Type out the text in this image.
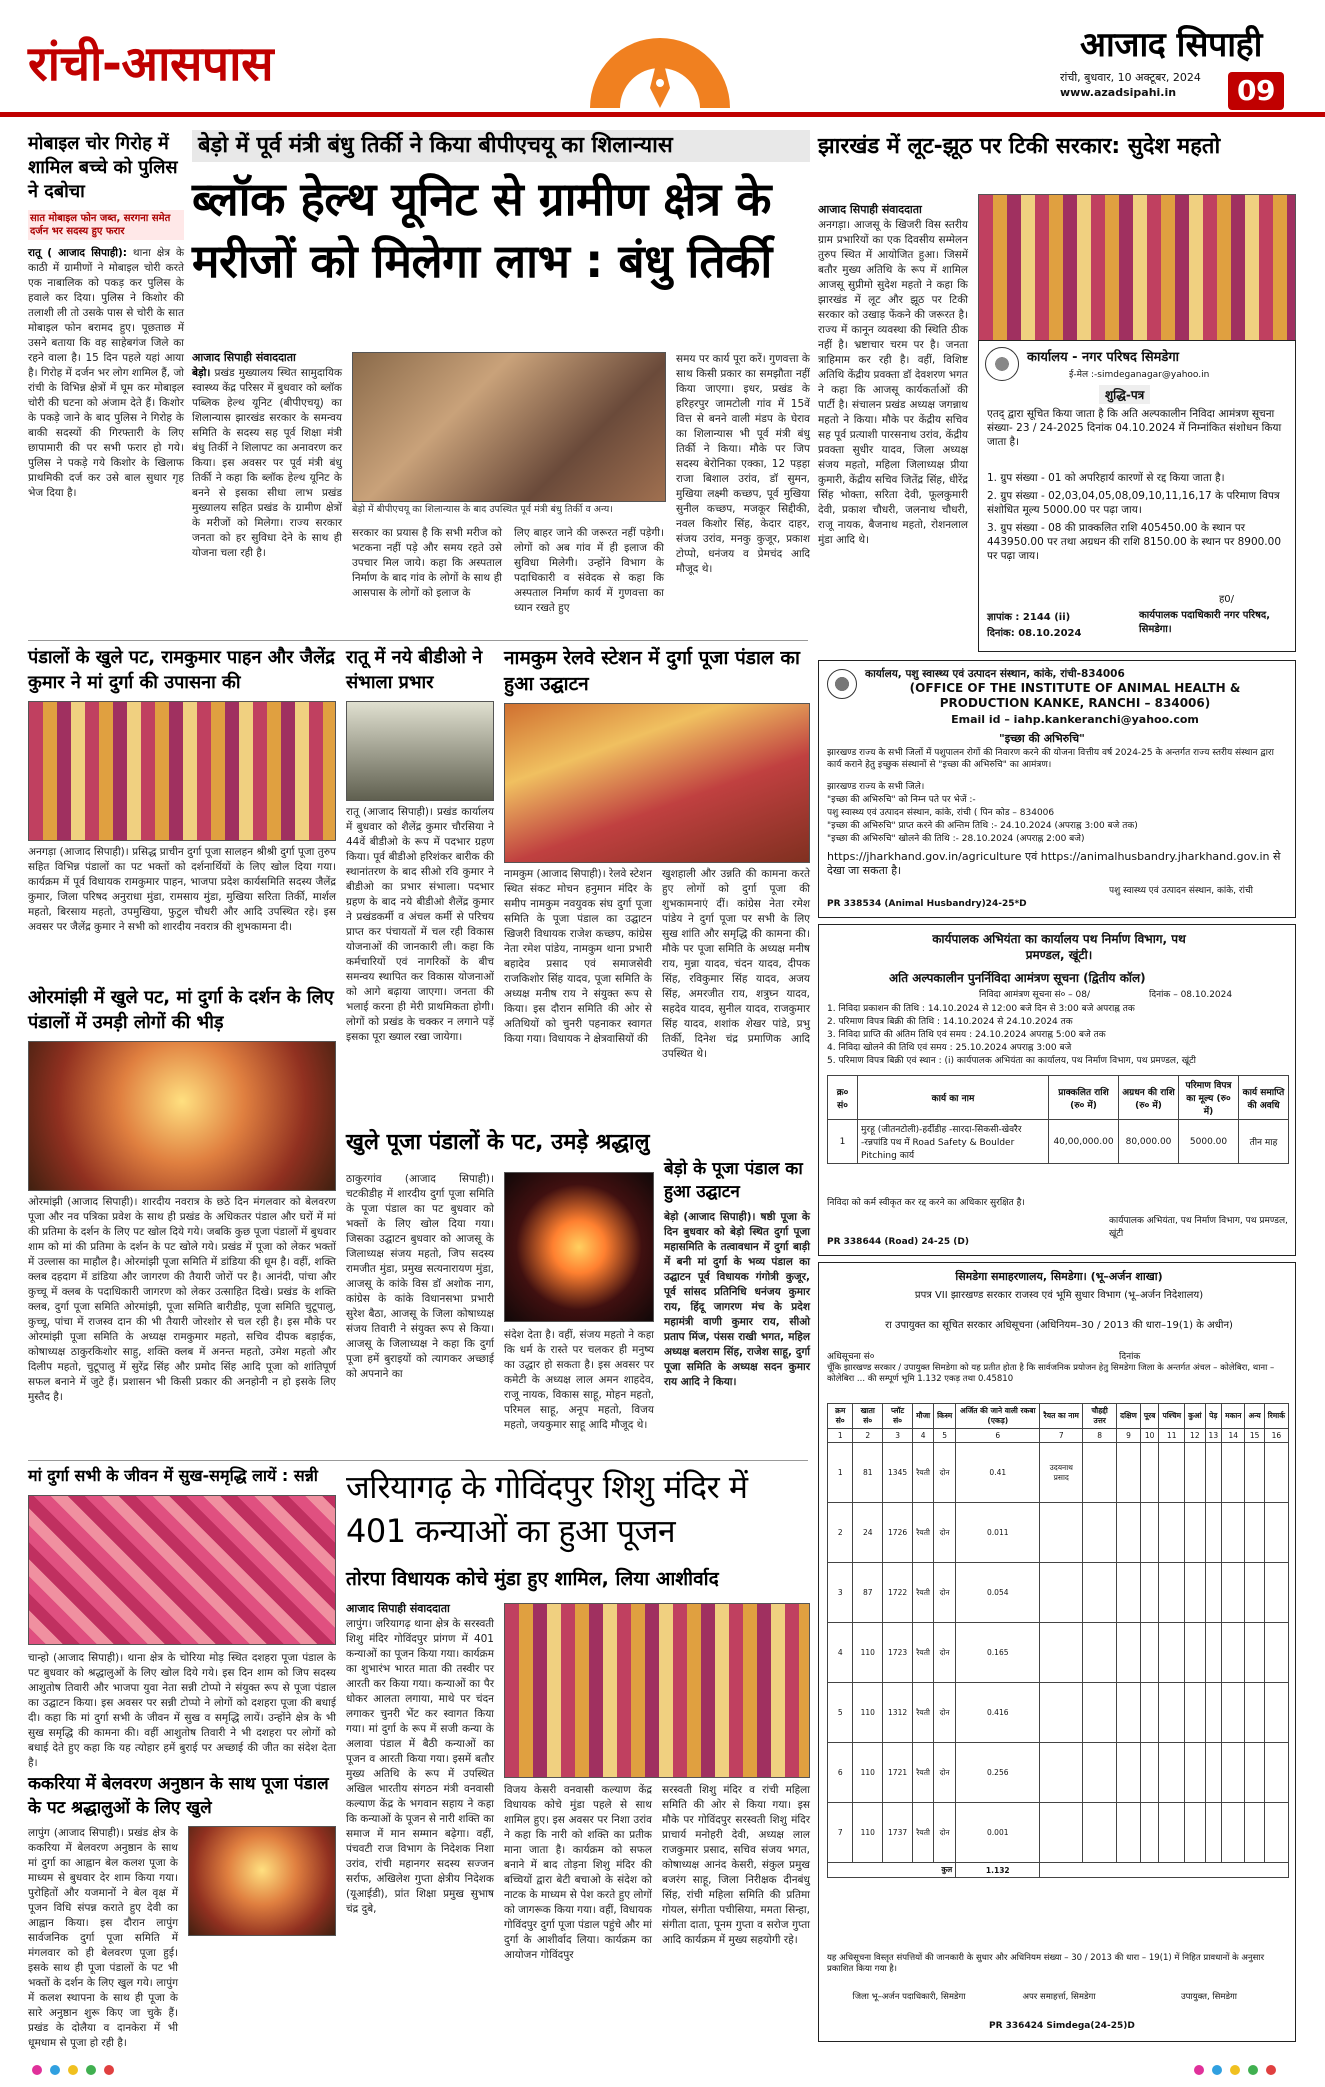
रांची-आसपास	आजाद सिपाही
रांची, बुधवार, 10 अक्टूबर, 2024
www.azadsipahi.in	09
मोबाइल चोर गिरोह में शामिल बच्चे को पुलिस ने दबोचा
सात मोबाइल फोन जब्त, सरगना समेत दर्जन भर सदस्य हुए फरार
रातू ( आजाद सिपाही): थाना क्षेत्र के काठी में ग्रामीणों ने मोबाइल चोरी करते एक नाबालिक को पकड़ कर पुलिस के हवाले कर दिया। पुलिस ने किशोर की तलाशी ली तो उसके पास से चोरी के सात मोबाइल फोन बरामद हुए। पूछताछ में उसने बताया कि वह साहेबगंज जिले का रहने वाला है। 15 दिन पहले यहां आया है। गिरोह में दर्जन भर लोग शामिल हैं, जो रांची के विभिन्न क्षेत्रों में घूम कर मोबाइल चोरी की घटना को अंजाम देते हैं। किशोर के पकड़े जाने के बाद पुलिस ने गिरोह के बाकी सदस्यों की गिरफ्तारी के लिए छापामारी की पर सभी फरार हो गये। पुलिस ने पकड़े गये किशोर के खिलाफ प्राथमिकी दर्ज कर उसे बाल सुधार गृह भेज दिया है।
बेड़ो में पूर्व मंत्री बंधु तिर्की ने किया बीपीएचयू का शिलान्यास
ब्लॉक हेल्थ यूनिट से ग्रामीण क्षेत्र के मरीजों को मिलेगा लाभ : बंधु तिर्की
आजाद सिपाही संवाददाता
बेड़ो। प्रखंड मुख्यालय स्थित सामुदायिक स्वास्थ्य केंद्र परिसर में बुधवार को ब्लॉक पब्लिक हेल्थ यूनिट (बीपीएचयू) का शिलान्यास झारखंड सरकार के समन्वय समिति के सदस्य सह पूर्व शिक्षा मंत्री बंधु तिर्की ने शिलापट का अनावरण कर किया। इस अवसर पर पूर्व मंत्री बंधु तिर्की ने कहा कि ब्लॉक हेल्थ यूनिट के बनने से इसका सीधा लाभ प्रखंड मुख्यालय सहित प्रखंड के ग्रामीण क्षेत्रों के मरीजों को मिलेगा। राज्य सरकार जनता को हर सुविधा देने के साथ ही योजना चला रही है।
बेड़ो में बीपीएचयू का शिलान्यास के बाद उपस्थित पूर्व मंत्री बंधु तिर्की व अन्य।
सरकार का प्रयास है कि सभी मरीज को भटकना नहीं पड़े और समय रहते उसे उपचार मिल जाये। कहा कि अस्पताल निर्माण के बाद गांव के लोगों के साथ ही आसपास के लोगों को इलाज के
लिए बाहर जाने की जरूरत नहीं पड़ेगी। लोगों को अब गांव में ही इलाज की सुविधा मिलेगी। उन्होंने विभाग के पदाधिकारी व संवेदक से कहा कि अस्पताल निर्माण कार्य में गुणवत्ता का ध्यान रखते हुए
समय पर कार्य पूरा करें। गुणवत्ता के साथ किसी प्रकार का समझौता नहीं किया जाएगा। इधर, प्रखंड के हरिहरपुर जामटोली गांव में 15वें वित्त से बनने वाली मंडप के घेराव का शिलान्यास भी पूर्व मंत्री बंधु तिर्की ने किया। मौके पर जिप सदस्य बेरोनिका एक्का, 12 पड़हा राजा बिशाल उरांव, डॉ सुमन, मुखिया लक्ष्मी कच्छप, पूर्व मुखिया सुनील कच्छप, मजकूर सिद्दीकी, नवल किशोर सिंह, केदार दाहर, संजय उरांव, मनकु कुजूर, प्रकाश टोप्पो, धनंजय व प्रेमचंद आदि मौजूद थे।
झारखंड में लूट-झूठ पर टिकी सरकार: सुदेश महतो
आजाद सिपाही संवाददाता
अनगड़ा। आजसू के खिजरी विस स्तरीय ग्राम प्रभारियों का एक दिवसीय सम्मेलन तुरुप स्थित में आयोजित हुआ। जिसमें बतौर मुख्य अतिथि के रूप में शामिल आजसू सुप्रीमो सुदेश महतो ने कहा कि झारखंड में लूट और झूठ पर टिकी सरकार को उखाड़ फेंकने की जरूरत है। राज्य में कानून व्यवस्था की स्थिति ठीक नहीं है। भ्रष्टाचार चरम पर है। जनता त्राहिमाम कर रही है। वहीं, विशिष्ट अतिथि केंद्रीय प्रवक्ता डॉ देवशरण भगत ने कहा कि आजसू कार्यकर्ताओं की पार्टी है। संचालन प्रखंड अध्यक्ष जगन्नाथ महतो ने किया। मौके पर केंद्रीय सचिव सह पूर्व प्रत्याशी पारसनाथ उरांव, केंद्रीय प्रवक्ता सुधीर यादव, जिला अध्यक्ष संजय महतो, महिला जिलाध्यक्ष प्रीया कुमारी, केंद्रीय सचिव जितेंद्र सिंह, धीरेंद्र सिंह भोक्ता, सरिता देवी, फूलकुमारी देवी, प्रकाश चौधरी, जलनाथ चौधरी, राजू नायक, बैजनाथ महतो, रोशनलाल मुंडा आदि थे।
कार्यालय - नगर परिषद सिमडेगा
ई-मेल :-simdeganagar@yahoo.in
शुद्धि-पत्र
एतद् द्वारा सूचित किया जाता है कि अति अल्पकालीन निविदा आमंत्रण सूचना संख्या- 23 / 24-2025 दिनांक 04.10.2024 में निम्नांकित संशोधन किया जाता है।
1. ग्रुप संख्या - 01 को अपरिहार्य कारणों से रद्द किया जाता है।
2. ग्रुप संख्या - 02,03,04,05,08,09,10,11,16,17 के परिमाण विपत्र संशोधित मूल्य 5000.00 पर पढ़ा जाय।
3. ग्रुप संख्या - 08 की प्राक्कलित राशि 405450.00 के स्थान पर 443950.00 पर तथा अग्रधन की राशि 8150.00 के स्थान पर 8900.00 पर पढ़ा जाय।
ह0/
ज्ञापांक : 2144 (ii)
दिनांक: 08.10.2024
कार्यपालक पदाधिकारी नगर परिषद, सिमडेगा।
पंडालों के खुले पट, रामकुमार पाहन और जैलेंद्र कुमार ने मां दुर्गा की उपासना की
अनगड़ा (आजाद सिपाही)। प्रसिद्ध प्राचीन दुर्गा पूजा सालहन श्रीश्री दुर्गा पूजा तुरुप सहित विभिन्न पंडालों का पट भक्तों को दर्शनार्थियों के लिए खोल दिया गया। कार्यक्रम में पूर्व विधायक रामकुमार पाहन, भाजपा प्रदेश कार्यसमिति सदस्य जैलेंद्र कुमार, जिला परिषद अनुराधा मुंडा, रामसाय मुंडा, मुखिया सरिता तिर्की, मार्शल महतो, बिरसाय महतो, उपमुखिया, फुटुल चौधरी और आदि उपस्थित रहे। इस अवसर पर जैलेंद्र कुमार ने सभी को शारदीय नवरात्र की शुभकामना दी।
ओरमांझी में खुले पट, मां दुर्गा के दर्शन के लिए पंडालों में उमड़ी लोगों की भीड़
ओरमांझी (आजाद सिपाही)। शारदीय नवरात्र के छठे दिन मंगलवार को बेलवरण पूजा और नव पत्रिका प्रवेश के साथ ही प्रखंड के अधिकतर पंडाल और घरों में मां की प्रतिमा के दर्शन के लिए पट खोल दिये गये। जबकि कुछ पूजा पंडालों में बुधवार शाम को मां की प्रतिमा के दर्शन के पट खोले गये। प्रखंड में पूजा को लेकर भक्तों में उल्लास का माहौल है। ओरमांझी पूजा समिति में डांडिया की धूम है। वहीं, शक्ति क्लब दहदाग में डांडिया और जागरण की तैयारी जोरों पर है। आनंदी, पांचा और कुच्चू में क्लब के पदाधिकारी जागरण को लेकर उत्साहित दिखे। प्रखंड के शक्ति क्लब, दुर्गा पूजा समिति ओरमांझी, पूजा समिति बारीडीह, पूजा समिति चुटूपालु, कुच्चू, पांचा में राजस्व दान की भी तैयारी जोरशोर से चल रही है। इस मौके पर ओरमांझी पूजा समिति के अध्यक्ष रामकुमार महतो, सचिव दीपक बड़ाईक, कोषाध्यक्ष ठाकुरकिशोर साहु, शक्ति क्लब में अनन्त महतो, उमेश महतो और दिलीप महतो, चुटूपालु में सुरेंद्र सिंह और प्रमोद सिंह आदि पूजा को शांतिपूर्ण सफल बनाने में जुटे हैं। प्रशासन भी किसी प्रकार की अनहोनी न हो इसके लिए मुस्तैद है।
रातू में नये बीडीओ ने संभाला प्रभार
रातू (आजाद सिपाही)। प्रखंड कार्यालय में बुधवार को शैलेंद्र कुमार चौरसिया ने 44वें बीडीओ के रूप में पदभार ग्रहण किया। पूर्व बीडीओ हरिशंकर बारीक की स्थानांतरण के बाद सीओ रवि कुमार ने बीडीओ का प्रभार संभाला। पदभार ग्रहण के बाद नये बीडीओ शैलेंद्र कुमार ने प्रखंडकर्मी व अंचल कर्मी से परिचय प्राप्त कर पंचायतों में चल रही विकास योजनाओं की जानकारी ली। कहा कि कर्मचारियों एवं नागरिकों के बीच समन्वय स्थापित कर विकास योजनाओं को आगे बढ़ाया जाएगा। जनता की भलाई करना ही मेरी प्राथमिकता होगी। लोगों को प्रखंड के चक्कर न लगाने पड़ें इसका पूरा ख्याल रखा जायेगा।
नामकुम रेलवे स्टेशन में दुर्गा पूजा पंडाल का हुआ उद्घाटन
नामकुम (आजाद सिपाही)। रेलवे स्टेशन स्थित संकट मोचन हनुमान मंदिर के समीप नामकुम नवयुवक संघ दुर्गा पूजा समिति के पूजा पंडाल का उद्घाटन खिजरी विधायक राजेश कच्छप, कांग्रेस नेता रमेश पांडेय, नामकुम थाना प्रभारी बहादेव प्रसाद एवं समाजसेवी राजकिशोर सिंह यादव, पूजा समिति के अध्यक्ष मनीष राय ने संयुक्त रूप से किया। इस दौरान समिति की ओर से अतिथियों को चुनरी पहनाकर स्वागत किया गया। विधायक ने क्षेत्रवासियों की
खुशहाली और उन्नति की कामना करते हुए लोगों को दुर्गा पूजा की शुभकामनाएं दीं। कांग्रेस नेता रमेश पांडेय ने दुर्गा पूजा पर सभी के लिए सुख शांति और समृद्धि की कामना की। मौके पर पूजा समिति के अध्यक्ष मनीष राय, मुन्ना यादव, चंदन यादव, दीपक सिंह, रविकुमार सिंह यादव, अजय सिंह, अमरजीत राय, शत्रुघ्न यादव, सहदेव यादव, सुनील यादव, राजकुमार सिंह यादव, शशांक शेखर पांडे, प्रभु तिर्की, दिनेश चंद्र प्रमाणिक आदि उपस्थित थे।
कार्यालय, पशु स्वास्थ्य एवं उत्पादन संस्थान, कांके, रांची-834006
(OFFICE OF THE INSTITUTE OF ANIMAL HEALTH & PRODUCTION KANKE, RANCHI – 834006)
Email id – iahp.kankeranchi@yahoo.com
"इच्छा की अभिरुचि"
झारखण्ड राज्य के सभी जिलों में पशुपालन रोगों की निवारण करने की योजना वित्तीय वर्ष 2024-25 के अन्तर्गत राज्य स्तरीय संस्थान द्वारा कार्य कराने हेतु इच्छुक संस्थानों से "इच्छा की अभिरुचि" का आमंत्रण।
झारखण्ड राज्य के सभी जिले।
"इच्छा की अभिरुचि" को निम्न पते पर भेजें :-
पशु स्वास्थ्य एवं उत्पादन संस्थान, कांके, रांची ( पिन कोड – 834006
"इच्छा की अभिरुचि" प्राप्त करने की अन्तिम तिथि :- 24.10.2024 (अपराह्न 3:00 बजे तक)
"इच्छा की अभिरुचि" खोलने की तिथि :- 28.10.2024 (अपराह्न 2:00 बजे)
https://jharkhand.gov.in/agriculture एवं https://animalhusbandry.jharkhand.gov.in से देखा जा सकता है।
पशु स्वास्थ्य एवं उत्पादन संस्थान, कांके, रांची
PR 338534 (Animal Husbandry)24-25*D
कार्यपालक अभियंता का कार्यालय पथ निर्माण विभाग, पथ प्रमण्डल, खूंटी।
अति अल्पकालीन पुनर्निविदा आमंत्रण सूचना (द्वितीय कॉल)
निविदा आमंत्रण सूचना सं० – 08/	दिनांक – 08.10.2024
1. निविदा प्रकाशन की तिथि : 14.10.2024 से 12:00 बजे दिन से 3:00 बजे अपराह्न तक
2. परिमाण विपत्र बिक्री की तिथि : 14.10.2024 से 24.10.2024 तक
3. निविदा प्राप्ति की अंतिम तिथि एवं समय : 24.10.2024 अपराह्न 5:00 बजे तक
4. निविदा खोलने की तिथि एवं समय : 25.10.2024 अपराह्न 3:00 बजे
5. परिमाण विपत्र बिक्री एवं स्थान : (i) कार्यपालक अभियंता का कार्यालय, पथ निर्माण विभाग, पथ प्रमण्डल, खूंटी
क्र० सं०	कार्य का नाम	प्राक्कलित राशि (रु० में)	अग्रधन की राशि (रु० में)	परिमाण विपत्र का मूल्य (रु० में)	कार्य समाप्ति की अवधि
1	मुरहू (जीतनटोली)-हर्दीडीह -सारदा-सिकसी-खेवरैर -रन्नपांडि पथ में Road Safety & Boulder Pitching कार्य	40,00,000.00	80,000.00	5000.00	तीन माह
निविदा को कर्म स्वीकृत कर रद्द करने का अधिकार सुरक्षित है।
कार्यपालक अभियंता, पथ निर्माण विभाग, पथ प्रमण्डल, खूंटी
PR 338644 (Road) 24-25 (D)
खुले पूजा पंडालों के पट, उमड़े श्रद्धालु
ठाकुरगांव (आजाद सिपाही)। चटकीडीह में शारदीय दुर्गा पूजा समिति के पूजा पंडाल का पट बुधवार को भक्तों के लिए खोल दिया गया। जिसका उद्घाटन बुधवार को आजसू के जिलाध्यक्ष संजय महतो, जिप सदस्य रामजीत मुंडा, प्रमुख सत्यनारायण मुंडा, आजसू के कांके विस डॉ अशोक नाग, कांग्रेस के कांके विधानसभा प्रभारी सुरेश बैठा, आजसू के जिला कोषाध्यक्ष संजय तिवारी ने संयुक्त रूप से किया। आजसू के जिलाध्यक्ष ने कहा कि दुर्गा पूजा हमें बुराइयों को त्यागकर अच्छाई को अपनाने का
संदेश देता है। वहीं, संजय महतो ने कहा कि धर्म के रास्ते पर चलकर ही मनुष्य का उद्धार हो सकता है। इस अवसर पर कमेटी के अध्यक्ष लाल अमन शाहदेव, राजू नायक, विकास साहू, मोहन महतो, परिमल साहू, अनूप महतो, विजय महतो, जयकुमार साहू आदि मौजूद थे।
बेड़ो के पूजा पंडाल का हुआ उद्घाटन
बेड़ो (आजाद सिपाही)। षष्ठी पूजा के दिन बुधवार को बेड़ो स्थित दुर्गा पूजा महासमिति के तत्वावधान में दुर्गा बाड़ी में बनी मां दुर्गा के भव्य पंडाल का उद्घाटन पूर्व विधायक गंगोत्री कुजूर, पूर्व सांसद प्रतिनिधि धनंजय कुमार राय, हिंदू जागरण मंच के प्रदेश महामंत्री वाणी कुमार राय, सीओ प्रताप मिंज, पंसस राखी भगत, महिल अध्यक्ष बलराम सिंह, राजेश साहू, दुर्गा पूजा समिति के अध्यक्ष सदन कुमार राय आदि ने किया।
मां दुर्गा सभी के जीवन में सुख-समृद्धि लायें : सन्नी
चान्हो (आजाद सिपाही)। थाना क्षेत्र के चोरिया मोड़ स्थित दशहरा पूजा पंडाल के पट बुधवार को श्रद्धालुओं के लिए खोल दिये गये। इस दिन शाम को जिप सदस्य आशुतोष तिवारी और भाजपा युवा नेता सन्नी टोप्पो ने संयुक्त रूप से पूजा पंडाल का उद्घाटन किया। इस अवसर पर सन्नी टोप्पो ने लोगों को दशहरा पूजा की बधाई दी। कहा कि मां दुर्गा सभी के जीवन में सुख व समृद्धि लायें। उन्होंने क्षेत्र के भी सुख समृद्धि की कामना की। वहीं आशुतोष तिवारी ने भी दशहरा पर लोगों को बधाई देते हुए कहा कि यह त्योहार हमें बुराई पर अच्छाई की जीत का संदेश देता है।
ककरिया में बेलवरण अनुष्ठान के साथ पूजा पंडाल के पट श्रद्धालुओं के लिए खुले
लापुंग (आजाद सिपाही)। प्रखंड क्षेत्र के ककरिया में बेलवरण अनुष्ठान के साथ मां दुर्गा का आह्वान बेल कलश पूजा के माध्यम से बुधवार देर शाम किया गया। पुरोहितों और यजमानों ने बेल वृक्ष में पूजन विधि संपन्न कराते हुए देवी का आह्वान किया। इस दौरान लापुंग सार्वजनिक दुर्गा पूजा समिति में मंगलवार को ही बेलवरण पूजा हुई। इसके साथ ही पूजा पंडालों के पट भी भक्तों के दर्शन के लिए खुल गये। लापुंग में कलश स्थापना के साथ ही पूजा के सारे अनुष्ठान शुरू किए जा चुके हैं। प्रखंड के दोलैया व दानकेरा में भी धूमधाम से पूजा हो रही है।
जरियागढ़ के गोविंदपुर शिशु मंदिर में 401 कन्याओं का हुआ पूजन
तोरपा विधायक कोचे मुंडा हुए शामिल, लिया आशीर्वाद
आजाद सिपाही संवाददाता
लापुंग। जरियागढ़ थाना क्षेत्र के सरस्वती शिशु मंदिर गोविंदपुर प्रांगण में 401 कन्याओं का पूजन किया गया। कार्यक्रम का शुभारंभ भारत माता की तस्वीर पर आरती कर किया गया। कन्याओं का पैर धोकर आलता लगाया, माथे पर चंदन लगाकर चुनरी भेंट कर स्वागत किया गया। मां दुर्गा के रूप में सजी कन्या के अलावा पंडाल में बैठी कन्याओं का पूजन व आरती किया गया। इसमें बतौर मुख्य अतिथि के रूप में उपस्थित अखिल भारतीय संगठन मंत्री वनवासी कल्याण केंद्र के भगवान सहाय ने कहा कि कन्याओं के पूजन से नारी शक्ति का समाज में मान सम्मान बढ़ेगा। वहीं, पंचवटी राज विभाग के निदेशक निशा उरांव, रांची महानगर सदस्य सज्जन सर्राफ, अखिलेश गुप्ता क्षेत्रीय निदेशक (यूआईडी), प्रांत शिक्षा प्रमुख सुभाष चंद्र दुबे,
विजय केसरी वनवासी कल्याण केंद्र विधायक कोचे मुंडा पहले से साथ शामिल हुए। इस अवसर पर निशा उरांव ने कहा कि नारी को शक्ति का प्रतीक माना जाता है। कार्यक्रम को सफल बनाने में बाद तोड़ना शिशु मंदिर की बच्चियों द्वारा बेटी बचाओ के संदेश को नाटक के माध्यम से पेश करते हुए लोगों को जागरूक किया गया। वहीं, विधायक गोविंदपुर दुर्गा पूजा पंडाल पहुंचे और मां दुर्गा के आशीर्वाद लिया। कार्यक्रम का आयोजन गोविंदपुर
सरस्वती शिशु मंदिर व रांची महिला समिति की ओर से किया गया। इस मौके पर गोविंदपुर सरस्वती शिशु मंदिर प्राचार्य मनोहरी देवी, अध्यक्ष लाल राजकुमार प्रसाद, सचिव संजय भगत, कोषाध्यक्ष आनंद केसरी, संकुल प्रमुख बजरंग साहू, जिला निरीक्षक दीनबंधु सिंह, रांची महिला समिति की प्रतिमा गोयल, संगीता पचीसिया, ममता सिन्हा, संगीता दाता, पूनम गुप्ता व सरोज गुप्ता आदि कार्यक्रम में मुख्य सहयोगी रहे।
सिमडेगा समाहरणालय, सिमडेगा। (भू–अर्जन शाखा)
प्रपत्र VII झारखण्ड सरकार राजस्व एवं भूमि सुधार विभाग (भू–अर्जन निदेशालय)
रा उपायुक्त का सूचित सरकार अधिसूचना (अधिनियम–30 / 2013 की धारा–19(1) के अधीन)
अधिसूचना सं०	दिनांक
चूँकि झारखण्ड सरकार / उपायुक्त सिमडेगा को यह प्रतीत होता है कि सार्वजनिक प्रयोजन हेतु सिमडेगा जिला के अन्तर्गत अंचल – कोलेबिरा, थाना – कोलेबिरा ... की सम्पूर्ण भूमि 1.132 एकड़ तथा 0.45810
क्रम सं०	खाता सं०	प्लॉट सं०	मौजा	किस्म	अर्जित की जाने वाली रकबा (एकड़)	रैयत का नाम	चौहद्दी उत्तर	दक्षिण	पूरब	पश्चिम	कुआं	पेड़	मकान	अन्य	रिमार्क
1	2	3	4	5	6	7	8	9	10	11	12	13	14	15	16
1	81	1345	रैयती	दोन	0.41	उदयनाथ प्रसाद									
2	24	1726	रैयती	दोन	0.011										
3	87	1722	रैयती	दोन	0.054										
4	110	1723	रैयती	दोन	0.165										
5	110	1312	रैयती	दोन	0.416										
6	110	1721	रैयती	दोन	0.256										
7	110	1737	रैयती	दोन	0.001										
कुल					1.132										
यह अधिसूचना विस्तृत संपत्तियों की जानकारी के सुधार और अधिनियम संख्या – 30 / 2013 की धारा – 19(1) में निहित प्रावधानों के अनुसार प्रकाशित किया गया है।
जिला भू–अर्जन पदाधिकारी, सिमडेगा	अपर समाहर्त्ता, सिमडेगा	उपायुक्त, सिमडेगा
PR 336424 Simdega(24-25)D
